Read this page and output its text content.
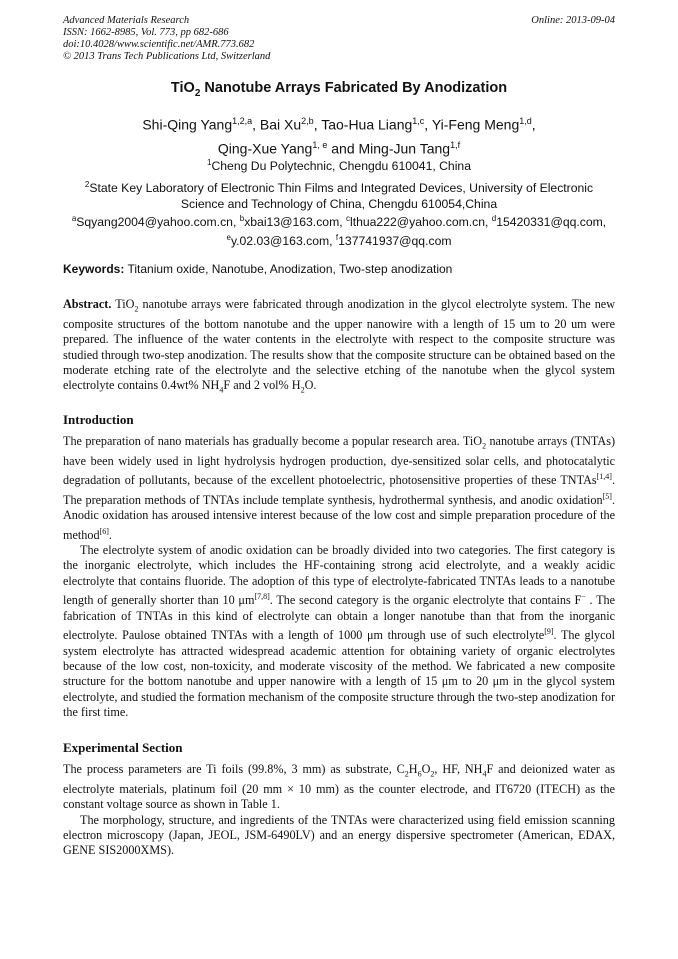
Advanced Materials Research
ISSN: 1662-8985, Vol. 773, pp 682-686
doi:10.4028/www.scientific.net/AMR.773.682
© 2013 Trans Tech Publications Ltd, Switzerland
Online: 2013-09-04
TiO$_2$ Nanotube Arrays Fabricated By Anodization
Shi-Qing Yang$^{1,2,a}$, Bai Xu$^{2,b}$, Tao-Hua Liang$^{1,c}$, Yi-Feng Meng$^{1,d}$,
Qing-Xue Yang$^{1, e}$ and Ming-Jun Tang$^{1,f}$
$^1$Cheng Du Polytechnic, Chengdu 610041, China
$^2$State Key Laboratory of Electronic Thin Films and Integrated Devices, University of Electronic
Science and Technology of China, Chengdu 610054,China
$^a$Sqyang2004@yahoo.com.cn, $^b$xbai13@163.com, $^c$lthua222@yahoo.com.cn, $^d$15420331@qq.com,
$^e$y.02.03@163.com, $^f$137741937@qq.com
Keywords: Titanium oxide, Nanotube, Anodization, Two-step anodization

Abstract. TiO$_2$ nanotube arrays were fabricated through anodization in the glycol electrolyte system. The new composite structures of the bottom nanotube and the upper nanowire with a length of 15 um to 20 um were prepared. The influence of the water contents in the electrolyte with respect to the composite structure was studied through two-step anodization. The results show that the composite structure can be obtained based on the moderate etching rate of the electrolyte and the selective etching of the nanotube when the glycol system electrolyte contains 0.4wt% $NH_4F$ and 2 vol% $H_2O$.

Introduction

The preparation of nano materials has gradually become a popular research area. TiO$_2$ nanotube arrays (TNTAs) have been widely used in light hydrolysis hydrogen production, dye-sensitized solar cells, and photocatalytic degradation of pollutants, because of the excellent photoelectric, photosensitive properties of these TNTAs[1,4]. The preparation methods of TNTAs include template synthesis, hydrothermal synthesis, and anodic oxidation[5]. Anodic oxidation has aroused intensive interest because of the low cost and simple preparation procedure of the method[6].

The electrolyte system of anodic oxidation can be broadly divided into two categories. The first category is the inorganic electrolyte, which includes the HF-containing strong acid electrolyte, and a weakly acidic electrolyte that contains fluoride. The adoption of this type of electrolyte-fabricated TNTAs leads to a nanotube length of generally shorter than 10 μm[7,8]. The second category is the organic electrolyte that contains F− . The fabrication of TNTAs in this kind of electrolyte can obtain a longer nanotube than that from the inorganic electrolyte. Paulose obtained TNTAs with a length of 1000 μm through use of such electrolyte[9]. The glycol system electrolyte has attracted widespread academic attention for obtaining variety of organic electrolytes because of the low cost, non-toxicity, and moderate viscosity of the method. We fabricated a new composite structure for the bottom nanotube and upper nanowire with a length of 15 μm to 20 μm in the glycol system electrolyte, and studied the formation mechanism of the composite structure through the two-step anodization for the first time.

Experimental Section

The process parameters are Ti foils (99.8%, 3 mm) as substrate, $C_2H_6O_2$, HF, $NH_4F$ and deionized water as electrolyte materials, platinum foil (20 mm × 10 mm) as the counter electrode, and IT6720 (ITECH) as the constant voltage source as shown in Table 1.

The morphology, structure, and ingredients of the TNTAs were characterized using field emission scanning electron microscopy (Japan, JEOL, JSM-6490LV) and an energy dispersive spectrometer (American, EDAX, GENE SIS2000XMS).
